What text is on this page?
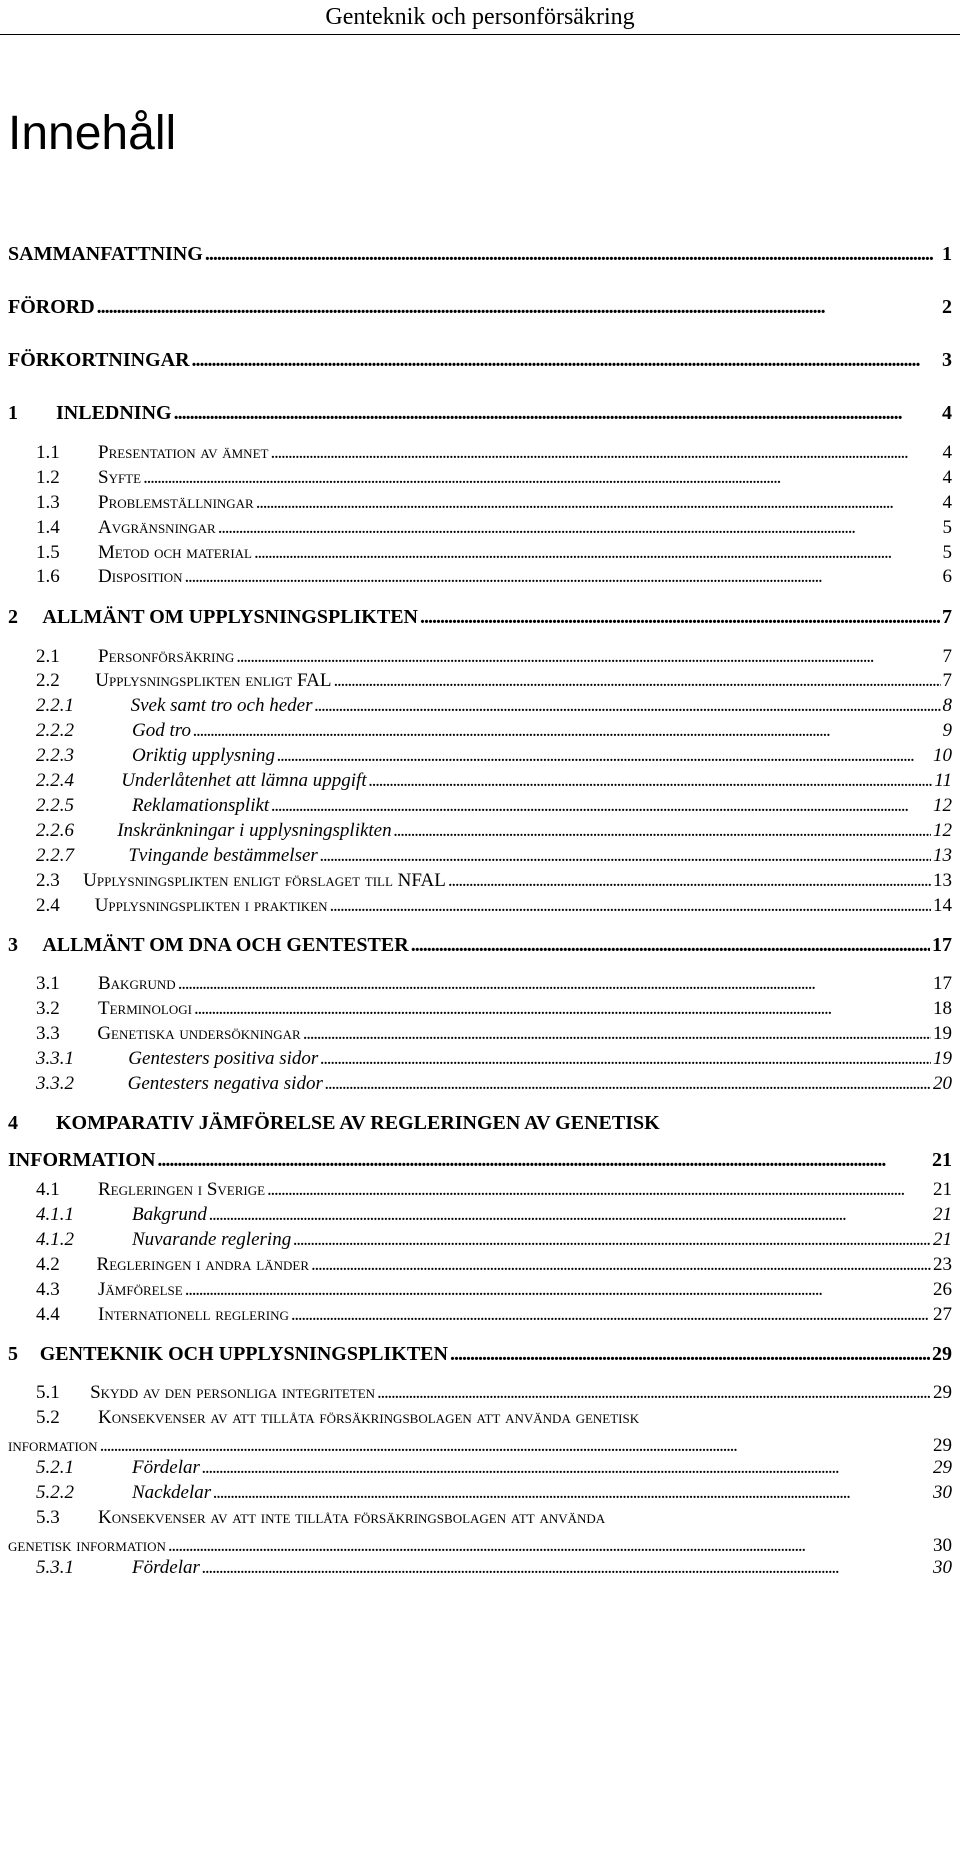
Genteknik och personförsäkring
Innehåll
SAMMANFATTNING . . .	1
FÖRORD . . .	2
FÖRKORTNINGAR . . .	3
1	INLEDNING . . .	4
1.1	Presentation av ämnet . . .	4
1.2	Syfte . . .	4
1.3	Problemställningar . . .	4
1.4	Avgränsningar . . .	5
1.5	Metod och material . . .	5
1.6	Disposition . . .	6
2	ALLMÄNT OM UPPLYSNINGSPLIKTEN . . .	7
2.1	Personförsäkring . . .	7
2.2	Upplysningsplikten enligt FAL . . .	7
2.2.1	Svek samt tro och heder . . .	8
2.2.2	God tro . . .	9
2.2.3	Oriktig upplysning . . .	10
2.2.4	Underlåtenhet att lämna uppgift . . .	11
2.2.5	Reklamationsplikt . . .	12
2.2.6	Inskränkningar i upplysningsplikten . . .	12
2.2.7	Tvingande bestämmelser . . .	13
2.3	Upplysningsplikten enligt förslaget till NFAL . . .	13
2.4	Upplysningsplikten i praktiken . . .	14
3	ALLMÄNT OM DNA OCH GENTESTER . . .	17
3.1	Bakgrund . . .	17
3.2	Terminologi . . .	18
3.3	Genetiska undersökningar . . .	19
3.3.1	Gentesters positiva sidor . . .	19
3.3.2	Gentesters negativa sidor . . .	20
4 KOMPARATIV JÄMFÖRELSE AV REGLERINGEN AV GENETISK
INFORMATION . . .	21
4.1	Regleringen i Sverige . . .	21
4.1.1	Bakgrund . . .	21
4.1.2	Nuvarande reglering . . .	21
4.2	Regleringen i andra länder . . .	23
4.3	Jämförelse . . .	26
4.4	Internationell reglering . . .	27
5	GENTEKNIK OCH UPPLYSNINGSPLIKTEN . . .	29
5.1	Skydd av den personliga integriteten . . .	29
5.2 Konsekvenser av att tillåta försäkringsbolagen att använda genetisk
information . . .	29
5.2.1	Fördelar . . .	29
5.2.2	Nackdelar . . .	30
5.3 Konsekvenser av att inte tillåta försäkringsbolagen att använda
genetisk information . . .	30
5.3.1	Fördelar . . .	30
